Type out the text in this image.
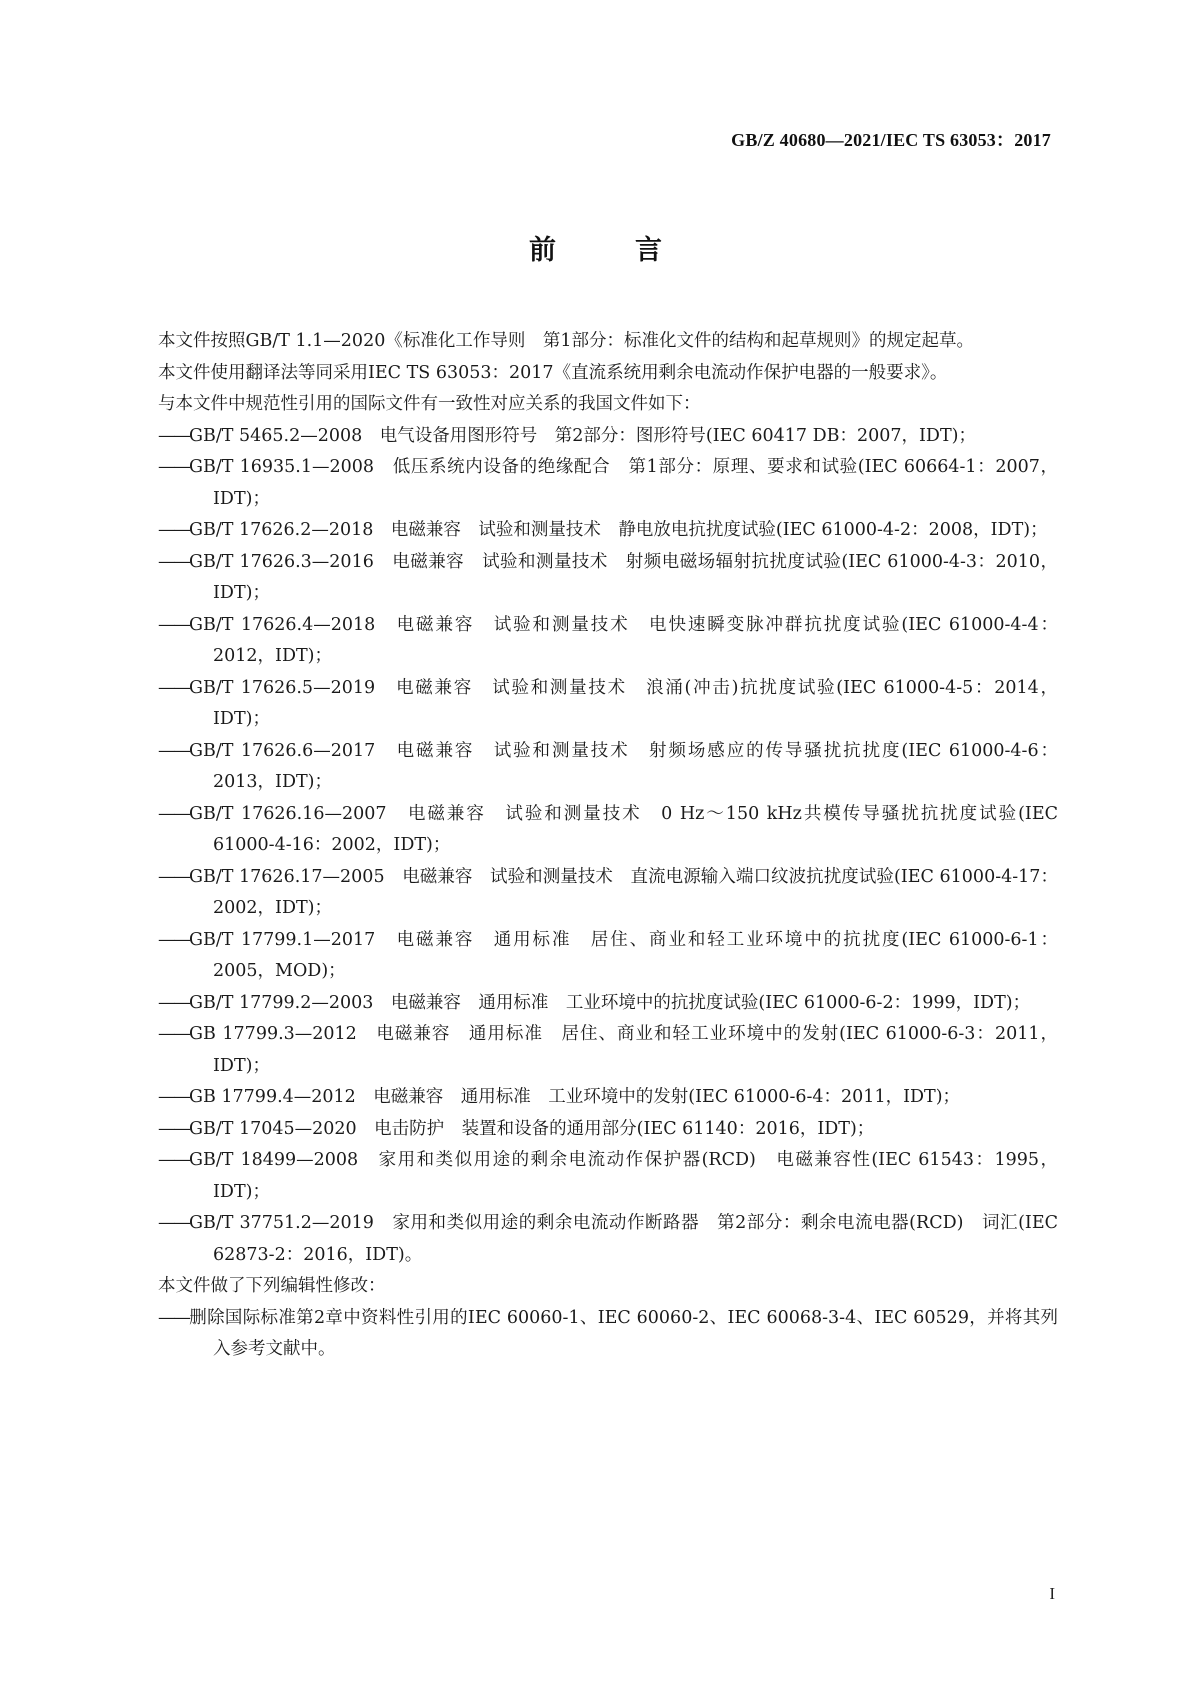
GB/Z 40680—2021/IEC TS 63053：2017
前　言

本文件按照GB/T 1.1—2020《标准化工作导则　第1部分：标准化文件的结构和起草规则》的规定起草。

本文件使用翻译法等同采用IEC TS 63053：2017《直流系统用剩余电流动作保护电器的一般要求》。

与本文件中规范性引用的国际文件有一致性对应关系的我国文件如下：

——GB/T 5465.2—2008　电气设备用图形符号　第2部分：图形符号(IEC 60417 DB：2007，IDT)；
——GB/T 16935.1—2008　低压系统内设备的绝缘配合　第1部分：原理、要求和试验(IEC 60664-1：2007，IDT)；
——GB/T 17626.2—2018　电磁兼容　试验和测量技术　静电放电抗扰度试验(IEC 61000-4-2：2008，IDT)；
——GB/T 17626.3—2016　电磁兼容　试验和测量技术　射频电磁场辐射抗扰度试验(IEC 61000-4-3：2010，IDT)；
——GB/T 17626.4—2018　电磁兼容　试验和测量技术　电快速瞬变脉冲群抗扰度试验(IEC 61000-4-4：2012，IDT)；
——GB/T 17626.5—2019　电磁兼容　试验和测量技术　浪涌(冲击)抗扰度试验(IEC 61000-4-5：2014，IDT)；
——GB/T 17626.6—2017　电磁兼容　试验和测量技术　射频场感应的传导骚扰抗扰度(IEC 61000-4-6：2013，IDT)；
——GB/T 17626.16—2007　电磁兼容　试验和测量技术　0 Hz～150 kHz共模传导骚扰抗扰度试验(IEC 61000-4-16：2002，IDT)；
——GB/T 17626.17—2005　电磁兼容　试验和测量技术　直流电源输入端口纹波抗扰度试验(IEC 61000-4-17：2002，IDT)；
——GB/T 17799.1—2017　电磁兼容　通用标准　居住、商业和轻工业环境中的抗扰度(IEC 61000-6-1：2005，MOD)；
——GB/T 17799.2—2003　电磁兼容　通用标准　工业环境中的抗扰度试验(IEC 61000-6-2：1999，IDT)；
——GB 17799.3—2012　电磁兼容　通用标准　居住、商业和轻工业环境中的发射(IEC 61000-6-3：2011，IDT)；
——GB 17799.4—2012　电磁兼容　通用标准　工业环境中的发射(IEC 61000-6-4：2011，IDT)；
——GB/T 17045—2020　电击防护　装置和设备的通用部分(IEC 61140：2016，IDT)；
——GB/T 18499—2008　家用和类似用途的剩余电流动作保护器(RCD)　电磁兼容性(IEC 61543：1995，IDT)；
——GB/T 37751.2—2019　家用和类似用途的剩余电流动作断路器　第2部分：剩余电流电器(RCD)　词汇(IEC 62873-2：2016，IDT)。

本文件做了下列编辑性修改：

——删除国际标准第2章中资料性引用的IEC 60060-1、IEC 60060-2、IEC 60068-3-4、IEC 60529，并将其列入参考文献中。
I
